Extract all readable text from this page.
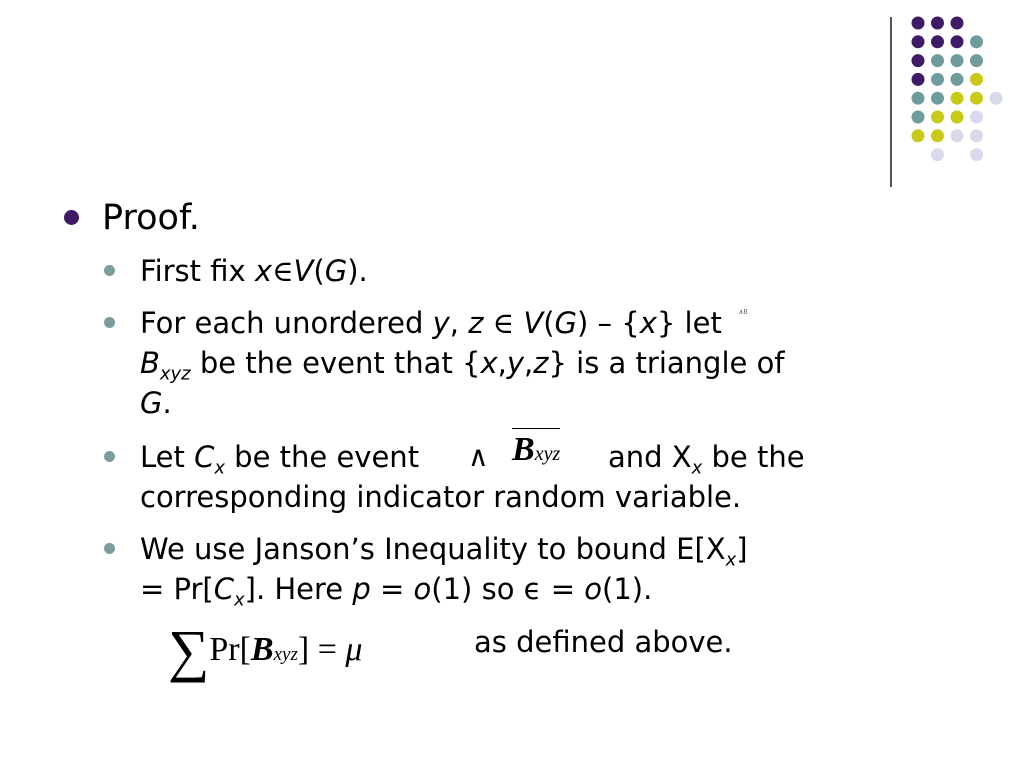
Proof.
First fix x∈V(G).
For each unordered y, z ∈ V(G) – {x} let
$B_{xyz}$ be the event that {x,y,z} is a triangle of
G.
Let $C_x$ be the event
corresponding indicator random variable.
and $X_x$ be the
We use Janson’s Inequality to bound $E[X_x]$
= $Pr[C_x]$. Here p = o(1) so ϵ = o(1).
∧B
∧ Bxyz
∑Pr[Bxyz] = μ	as defined above.
